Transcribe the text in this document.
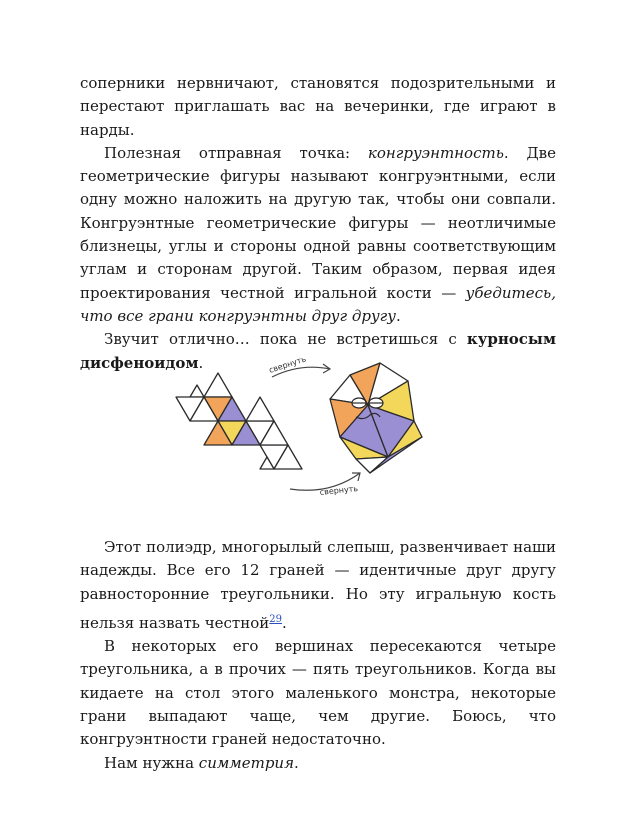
соперники нервничают, становятся подозрительными и перестают приглашать вас на вечеринки, где играют в нарды.

Полезная отправная точка: конгруэнтность. Две геометрические фигуры называют конгруэнтными, если одну можно наложить на другую так, чтобы они совпали. Конгруэнтные геометрические фигуры — неотличимые близнецы, углы и стороны одной равны соответствующим углам и сторонам другой. Таким образом, первая идея проектирования честной игральной кости — убедитесь, что все грани конгруэнтны друг другу.

Звучит отлично… пока не встретишься с курносым дисфеноидом.	свернуть
свернуть

Этот полиэдр, многорылый слепыш, развенчивает наши надежды. Все его 12 граней — идентичные друг другу равносторонние треугольники. Но эту игральную кость нельзя назвать честной$^{29}$.

В некоторых его вершинах пересекаются четыре треугольника, а в прочих — пять треугольников. Когда вы кидаете на стол этого маленького монстра, некоторые грани выпадают чаще, чем другие. Боюсь, что конгруэнтности граней недостаточно.

Нам нужна симметрия.
